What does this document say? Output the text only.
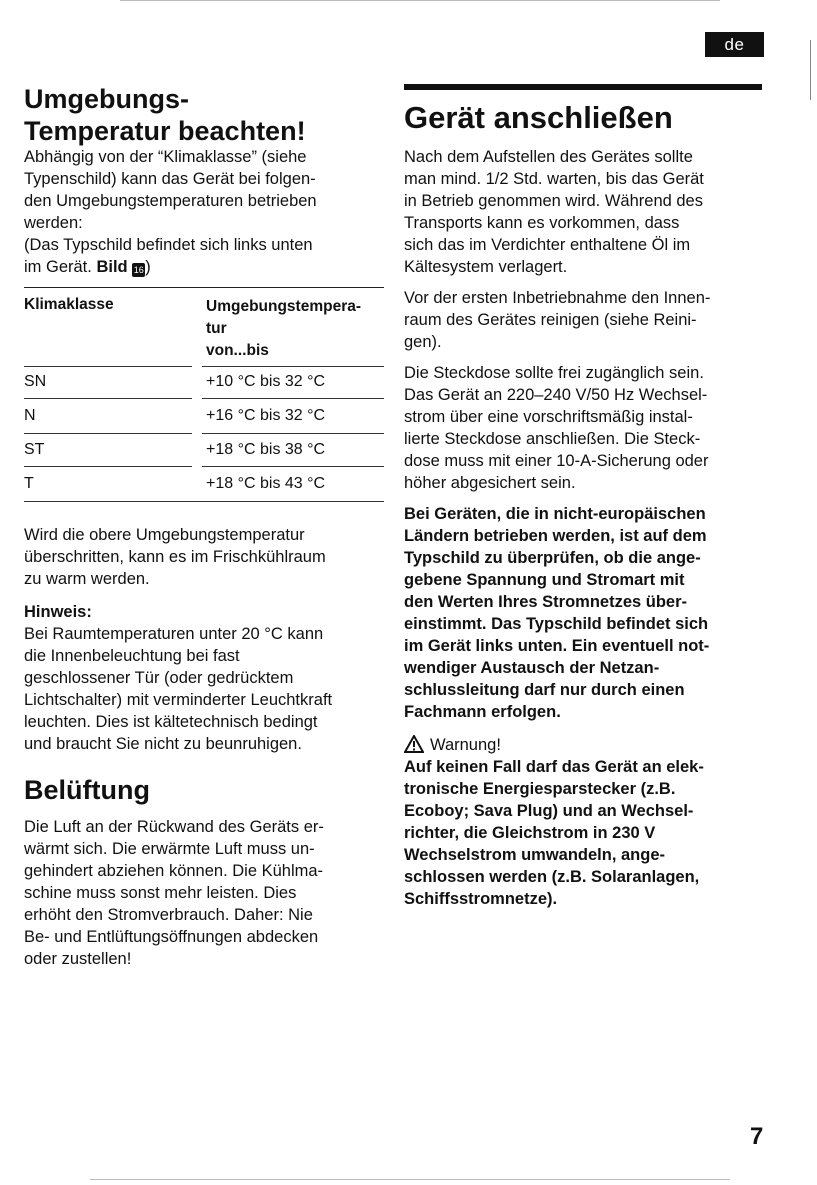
de
Umgebungs-
Temperatur beachten!
Abhängig von der “Klimaklasse” (siehe
Typenschild) kann das Gerät bei folgen-
den Umgebungstemperaturen betrieben
werden:
(Das Typschild befindet sich links unten
im Gerät. Bild 16)
Klimaklasse	Umgebungstempera-
tur
von...bis
SN	+10 °C bis 32 °C
N	+16 °C bis 32 °C
ST	+18 °C bis 38 °C
T	+18 °C bis 43 °C
Wird die obere Umgebungstemperatur
überschritten, kann es im Frischkühlraum
zu warm werden.
Hinweis:
Bei Raumtemperaturen unter 20 °C kann
die Innenbeleuchtung bei fast
geschlossener Tür (oder gedrücktem
Lichtschalter) mit verminderter Leuchtkraft
leuchten. Dies ist kältetechnisch bedingt
und braucht Sie nicht zu beunruhigen.
Belüftung
Die Luft an der Rückwand des Geräts er-
wärmt sich. Die erwärmte Luft muss un-
gehindert abziehen können. Die Kühlma-
schine muss sonst mehr leisten. Dies
erhöht den Stromverbrauch. Daher: Nie
Be- und Entlüftungsöffnungen abdecken
oder zustellen!
Gerät anschließen
Nach dem Aufstellen des Gerätes sollte
man mind. 1/2 Std. warten, bis das Gerät
in Betrieb genommen wird. Während des
Transports kann es vorkommen, dass
sich das im Verdichter enthaltene Öl im
Kältesystem verlagert.
Vor der ersten Inbetriebnahme den Innen-
raum des Gerätes reinigen (siehe Reini-
gen).
Die Steckdose sollte frei zugänglich sein.
Das Gerät an 220–240 V/50 Hz Wechsel-
strom über eine vorschriftsmäßig instal-
lierte Steckdose anschließen. Die Steck-
dose muss mit einer 10-A-Sicherung oder
höher abgesichert sein.
Bei Geräten, die in nicht-europäischen
Ländern betrieben werden, ist auf dem
Typschild zu überprüfen, ob die ange-
gebene Spannung und Stromart mit
den Werten Ihres Stromnetzes über-
einstimmt. Das Typschild befindet sich
im Gerät links unten. Ein eventuell not-
wendiger Austausch der Netzan-
schlussleitung darf nur durch einen
Fachmann erfolgen.
Warnung!
Auf keinen Fall darf das Gerät an elek-
tronische Energiesparstecker (z.B.
Ecoboy; Sava Plug) und an Wechsel-
richter, die Gleichstrom in 230 V
Wechselstrom umwandeln, ange-
schlossen werden (z.B. Solaranlagen,
Schiffsstromnetze).
7
